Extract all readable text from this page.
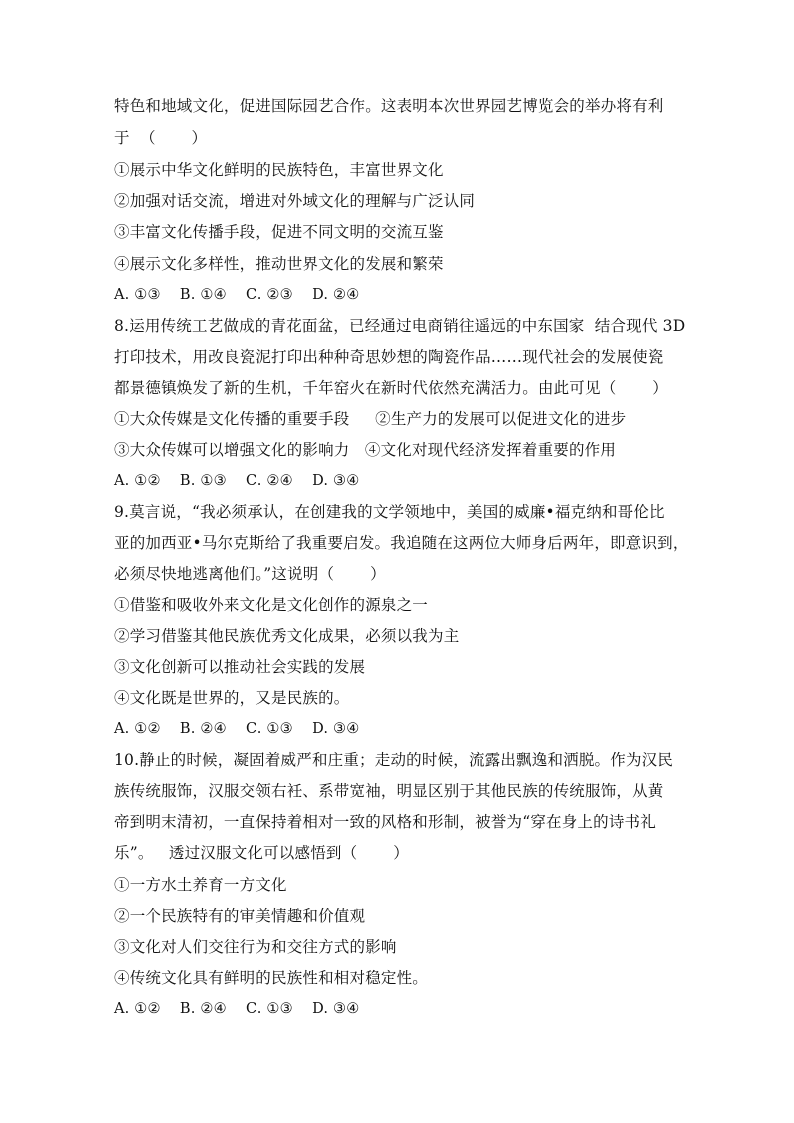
特色和地域文化，促进国际园艺合作。这表明本次世界园艺博览会的举办将有利
于  （       ）
①展示中华文化鲜明的民族特色，丰富世界文化
②加强对话交流，增进对外域文化的理解与广泛认同
③丰富文化传播手段，促进不同文明的交流互鉴
④展示文化多样性，推动世界文化的发展和繁荣
A. ①③    B. ①④    C. ②③    D. ②④
8.运用传统工艺做成的青花面盆，已经通过电商销往遥远的中东国家  结合现代 3D
打印技术，用改良瓷泥打印出种种奇思妙想的陶瓷作品……现代社会的发展使瓷
都景德镇焕发了新的生机，千年窑火在新时代依然充满活力。由此可见（       ）
①大众传媒是文化传播的重要手段     ②生产力的发展可以促进文化的进步
③大众传媒可以增强文化的影响力   ④文化对现代经济发挥着重要的作用
A. ①②    B. ①③    C. ②④    D. ③④
9.莫言说，“我必须承认，在创建我的文学领地中，美国的威廉•福克纳和哥伦比
亚的加西亚•马尔克斯给了我重要启发。我追随在这两位大师身后两年，即意识到，
必须尽快地逃离他们。”这说明（       ）
①借鉴和吸收外来文化是文化创作的源泉之一
②学习借鉴其他民族优秀文化成果，必须以我为主
③文化创新可以推动社会实践的发展
④文化既是世界的，又是民族的。
A. ①②    B. ②④    C. ①③    D. ③④
10.静止的时候，凝固着威严和庄重；走动的时候，流露出飘逸和洒脱。作为汉民
族传统服饰，汉服交领右衽、系带宽袖，明显区别于其他民族的传统服饰，从黄
帝到明末清初，一直保持着相对一致的风格和形制，被誉为“穿在身上的诗书礼
乐”。   透过汉服文化可以感悟到（       ）
①一方水土养育一方文化
②一个民族特有的审美情趣和价值观
③文化对人们交往行为和交往方式的影响
④传统文化具有鲜明的民族性和相对稳定性。
A. ①②    B. ②④    C. ①③    D. ③④
